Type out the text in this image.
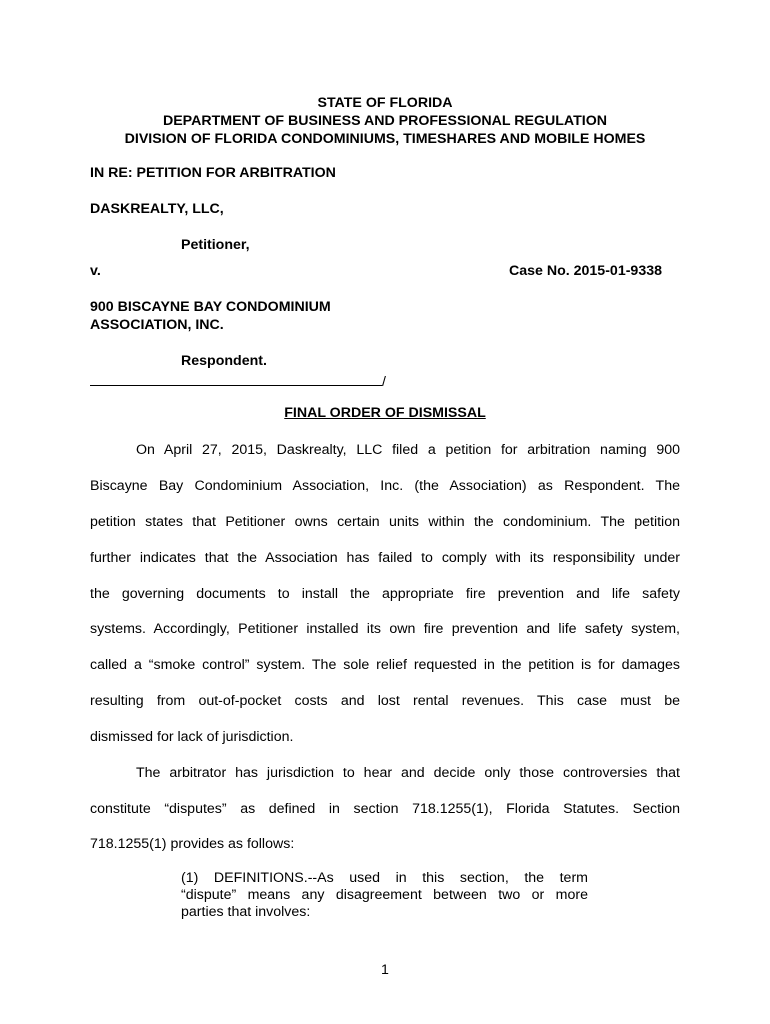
STATE OF FLORIDA
DEPARTMENT OF BUSINESS AND PROFESSIONAL REGULATION
DIVISION OF FLORIDA CONDOMINIUMS, TIMESHARES AND MOBILE HOMES
IN RE: PETITION FOR ARBITRATION
DASKREALTY, LLC,
Petitioner,
v.	Case No. 2015-01-9338
900 BISCAYNE BAY CONDOMINIUM
ASSOCIATION, INC.
Respondent.
/
FINAL ORDER OF DISMISSAL
On April 27, 2015, Daskrealty, LLC filed a petition for arbitration naming 900
Biscayne Bay Condominium Association, Inc. (the Association) as Respondent. The
petition states that Petitioner owns certain units within the condominium. The petition
further indicates that the Association has failed to comply with its responsibility under
the governing documents to install the appropriate fire prevention and life safety
systems. Accordingly, Petitioner installed its own fire prevention and life safety system,
called a “smoke control” system. The sole relief requested in the petition is for damages
resulting from out-of-pocket costs and lost rental revenues. This case must be
dismissed for lack of jurisdiction.
The arbitrator has jurisdiction to hear and decide only those controversies that
constitute “disputes” as defined in section 718.1255(1), Florida Statutes. Section
718.1255(1) provides as follows:
(1) DEFINITIONS.--As used in this section, the term
“dispute” means any disagreement between two or more
parties that involves:
1
